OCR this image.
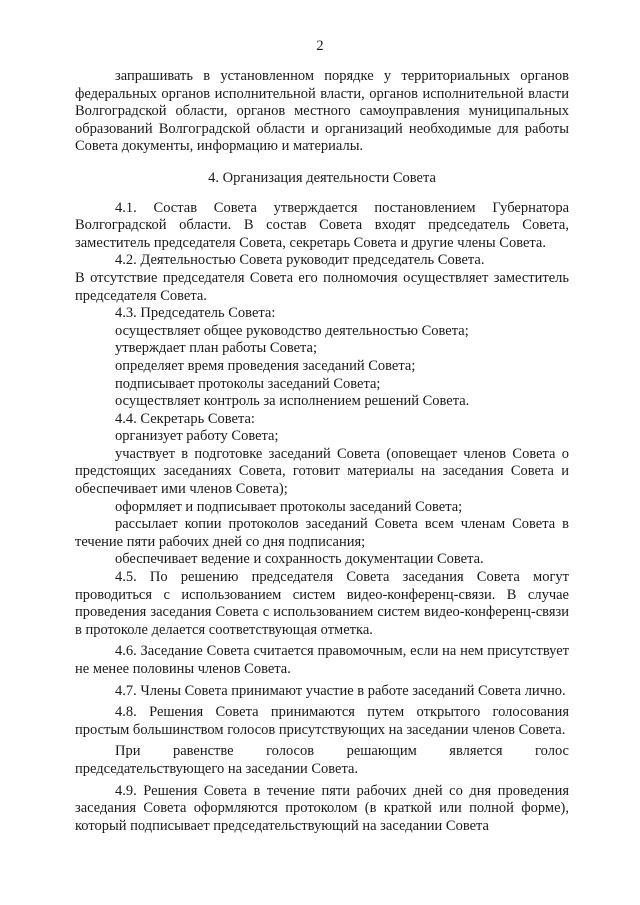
2

запрашивать в установленном порядке у территориальных органов федеральных органов исполнительной власти, органов исполнительной власти Волгоградской области, органов местного самоуправления муниципальных образований Волгоградской области и организаций необходимые для работы Совета документы, информацию и материалы.

4. Организация деятельности Совета

4.1. Состав Совета утверждается постановлением Губернатора Волгоградской области. В состав Совета входят председатель Совета, заместитель председателя Совета, секретарь Совета и другие члены Совета.

4.2. Деятельностью Совета руководит председатель Совета.

В отсутствие председателя Совета его полномочия осуществляет заместитель председателя Совета.

4.3. Председатель Совета:

осуществляет общее руководство деятельностью Совета;

утверждает план работы Совета;

определяет время проведения заседаний Совета;

подписывает протоколы заседаний Совета;

осуществляет контроль за исполнением решений Совета.

4.4. Секретарь Совета:

организует работу Совета;

участвует в подготовке заседаний Совета (оповещает членов Совета о предстоящих заседаниях Совета, готовит материалы на заседания Совета и обеспечивает ими членов Совета);

оформляет и подписывает протоколы заседаний Совета;

рассылает копии протоколов заседаний Совета всем членам Совета в течение пяти рабочих дней со дня подписания;

обеспечивает ведение и сохранность документации Совета.

4.5. По решению председателя Совета заседания Совета могут проводиться с использованием систем видео-конференц-связи. В случае проведения заседания Совета с использованием систем видео-конференц-связи в протоколе делается соответствующая отметка.

4.6. Заседание Совета считается правомочным, если на нем присутствует не менее половины членов Совета.

4.7. Члены Совета принимают участие в работе заседаний Совета лично.

4.8. Решения Совета принимаются путем открытого голосования простым большинством голосов присутствующих на заседании членов Совета.

При равенстве голосов решающим является голос председательствующего на заседании Совета.

4.9. Решения Совета в течение пяти рабочих дней со дня проведения заседания Совета оформляются протоколом (в краткой или полной форме), который подписывает председательствующий на заседании Совета
